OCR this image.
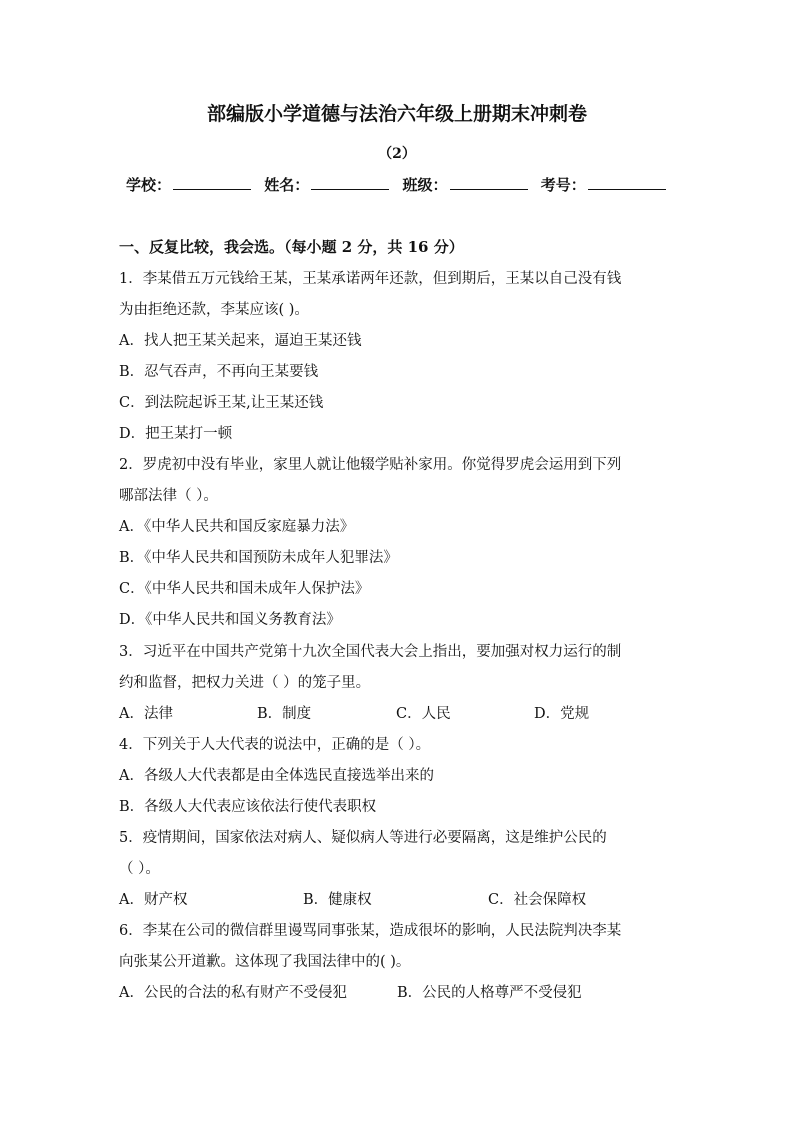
部编版小学道德与法治六年级上册期末冲刺卷
（2）
学校：	姓名：	班级：	考号：
一、反复比较，我会选。（每小题 2 分，共 16 分）
1．李某借五万元钱给王某，王某承诺两年还款，但到期后，王某以自己没有钱
为由拒绝还款，李某应该( )。
A．找人把王某关起来，逼迫王某还钱
B．忍气吞声，不再向王某要钱
C．到法院起诉王某,让王某还钱
D．把王某打一顿
2．罗虎初中没有毕业，家里人就让他辍学贴补家用。你觉得罗虎会运用到下列
哪部法律（ ）。
A．《中华人民共和国反家庭暴力法》
B．《中华人民共和国预防未成年人犯罪法》
C．《中华人民共和国未成年人保护法》
D．《中华人民共和国义务教育法》
3．习近平在中国共产党第十九次全国代表大会上指出，要加强对权力运行的制
约和监督，把权力关进（ ）的笼子里。
A．法律	B．制度	C．人民	D．党规
4．下列关于人大代表的说法中，正确的是（ ）。
A．各级人大代表都是由全体选民直接选举出来的
B．各级人大代表应该依法行使代表职权
5．疫情期间，国家依法对病人、疑似病人等进行必要隔离，这是维护公民的
（ ）。
A．财产权	B．健康权	C．社会保障权
6．李某在公司的微信群里谩骂同事张某，造成很坏的影响，人民法院判决李某
向张某公开道歉。这体现了我国法律中的( )。
A．公民的合法的私有财产不受侵犯	B．公民的人格尊严不受侵犯
